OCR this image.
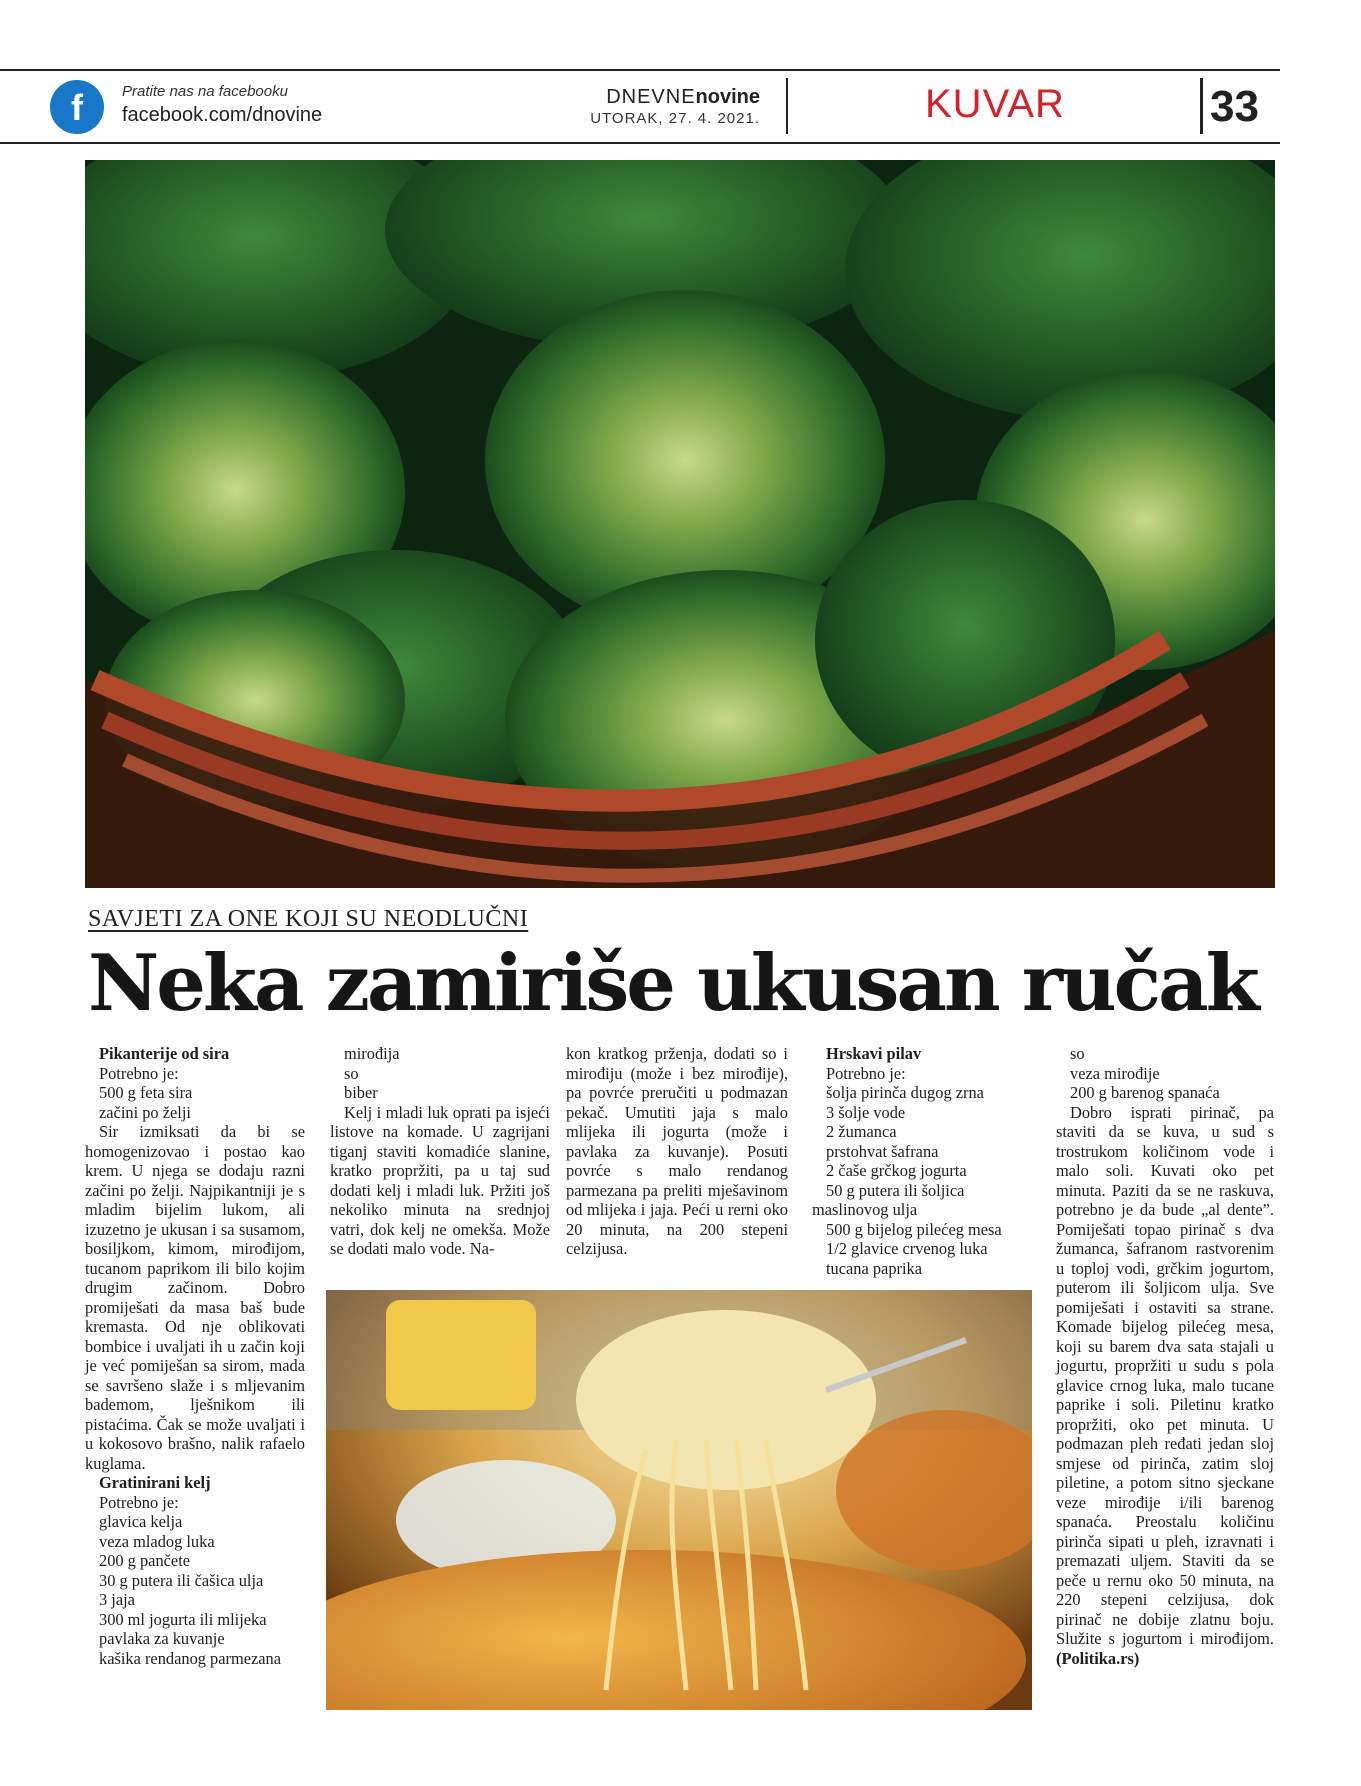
f	Pratite nas na facebooku
facebook.com/dnovine
DNEVNEnovine
UTORAK, 27. 4. 2021.	KUVAR	33
SAVJETI ZA ONE KOJI SU NEODLUČNI
Neka zamiriše ukusan ručak
Pikanterije od sira
Potrebno je:
500 g feta sira
začini po želji

Sir izmiksati da bi se homogenizovao i postao kao krem. U njega se dodaju razni začini po želji. Najpikantniji je s mladim bijelim lukom, ali izuzetno je ukusan i sa susamom, bosiljkom, kimom, mirođijom, tucanom paprikom ili bilo kojim drugim začinom. Dobro promiješati da masa baš bude kremasta. Od nje oblikovati bombice i uvaljati ih u začin koji je već pomiješan sa sirom, mada se savršeno slaže i s mljevanim bademom, lješnikom ili pistaćima. Čak se može uvaljati i u kokosovo brašno, nalik rafaelo kuglama.

Gratinirani kelj
Potrebno je:
glavica kelja
veza mladog luka
200 g pančete
30 g putera ili čašica ulja
3 jaja
300 ml jogurta ili mlijeka
pavlaka za kuvanje
kašika rendanog parmezana
mirođija
so
biber

Kelj i mladi luk oprati pa isjeći listove na komade. U zagrijani tiganj staviti komadiće slanine, kratko propržiti, pa u taj sud dodati kelj i mladi luk. Pržiti još nekoliko minuta na srednjoj vatri, dok kelj ne omekša. Može se dodati malo vode. Na-

kon kratkog prženja, dodati so i mirođiju (može i bez mirođije), pa povrće preručiti u podmazan pekač. Umutiti jaja s malo mlijeka ili jogurta (može i pavlaka za kuvanje). Posuti povrće s malo rendanog parmezana pa preliti mješavinom od mlijeka i jaja. Peći u rerni oko 20 minuta, na 200 stepeni celzijusa.

Hrskavi pilav
Potrebno je:
šolja pirinča dugog zrna
3 šolje vode
2 žumanca
prstohvat šafrana
2 čaše grčkog jogurta
50 g putera ili šoljica maslinovog ulja
500 g bijelog pilećeg mesa
1/2 glavice crvenog luka
tucana paprika
so
veza mirođije
200 g barenog spanaća

Dobro isprati pirinač, pa staviti da se kuva, u sud s trostrukom količinom vode i malo soli. Kuvati oko pet minuta. Paziti da se ne raskuva, potrebno je da bude „al dente”. Pomiješati topao pirinač s dva žumanca, šafranom rastvorenim u toploj vodi, grčkim jogurtom, puterom ili šoljicom ulja. Sve pomiješati i ostaviti sa strane. Komade bijelog pilećeg mesa, koji su barem dva sata stajali u jogurtu, propržiti u sudu s pola glavice crnog luka, malo tucane paprike i soli. Piletinu kratko propržiti, oko pet minuta. U podmazan pleh ređati jedan sloj smjese od pirinča, zatim sloj piletine, a potom sitno sjeckane veze mirođije i/ili barenog spanaća. Preostalu količinu pirinča sipati u pleh, izravnati i premazati uljem. Staviti da se peče u rernu oko 50 minuta, na 220 stepeni celzijusa, dok pirinač ne dobije zlatnu boju. Služite s jogurtom i mirođijom. (Politika.rs)
